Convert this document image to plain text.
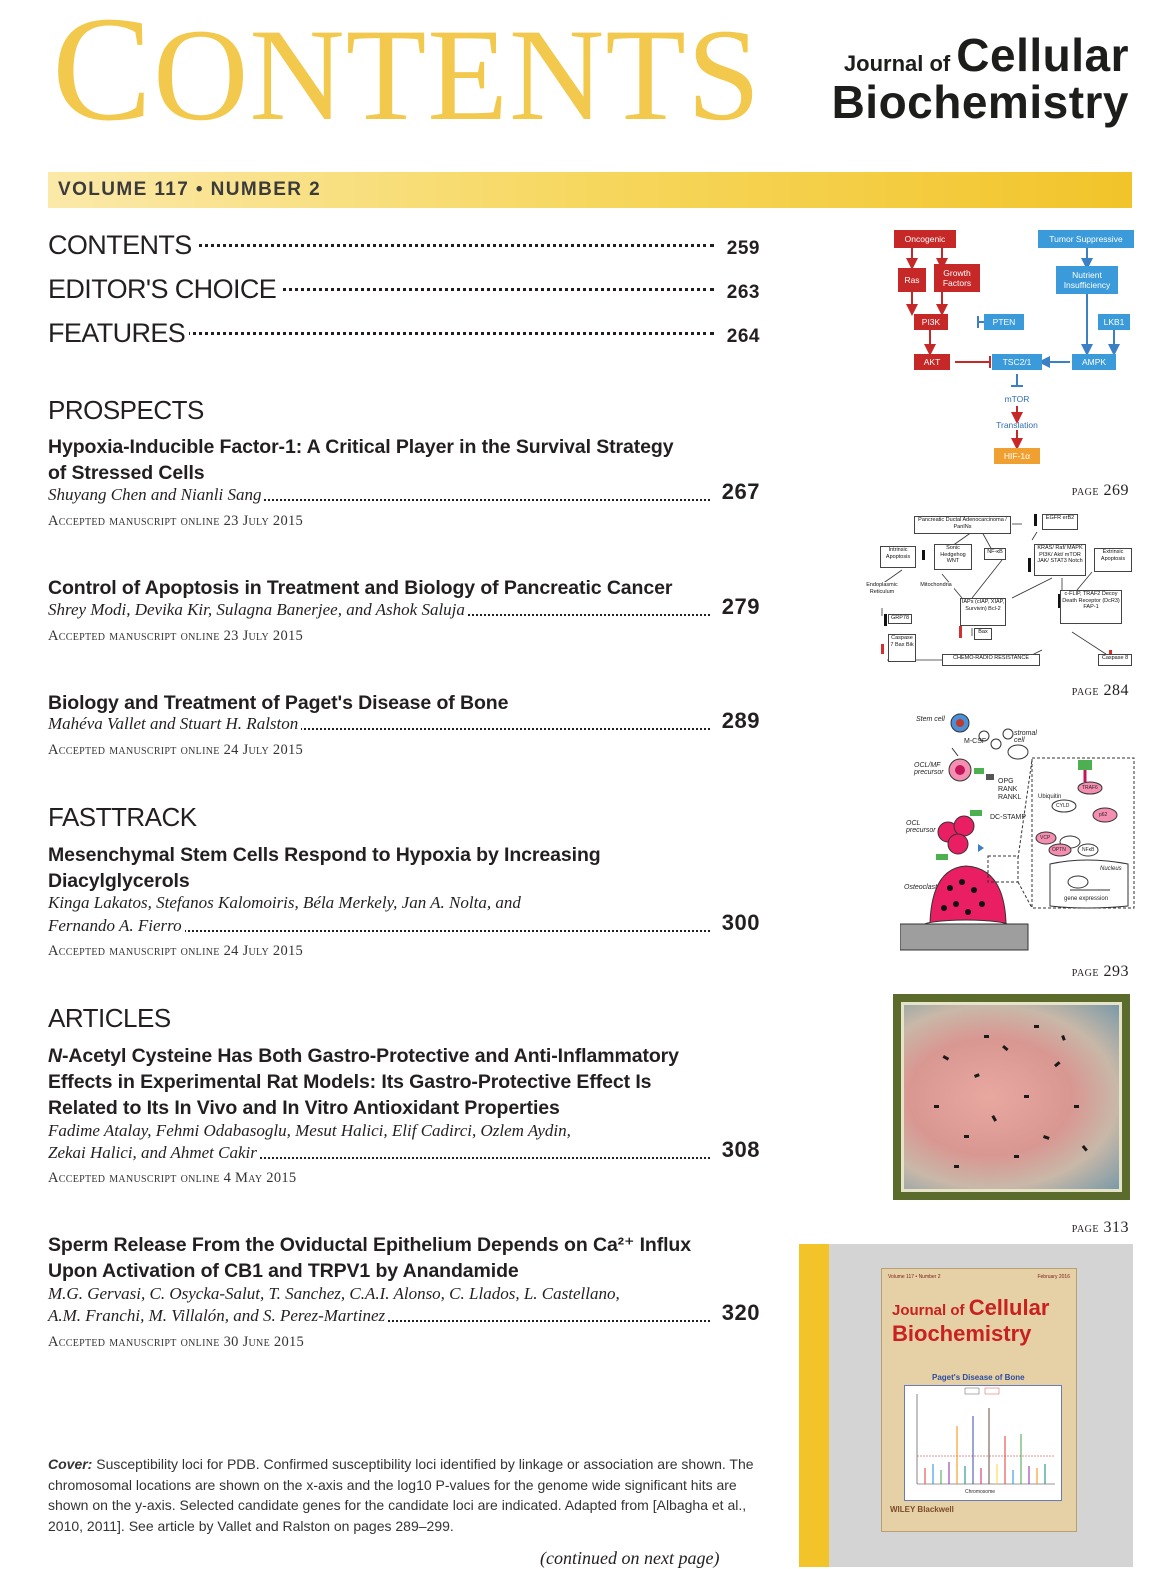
CONTENTS	Journal of Cellular
Biochemistry
VOLUME 117 • NUMBER 2
CONTENTS	259
EDITOR'S CHOICE	263
FEATURES	264
PROSPECTS
Hypoxia-Inducible Factor-1: A Critical Player in the Survival Strategy
of Stressed Cells
Shuyang Chen and Nianli Sang	267
Accepted manuscript online 23 July 2015
Control of Apoptosis in Treatment and Biology of Pancreatic Cancer
Shrey Modi, Devika Kir, Sulagna Banerjee, and Ashok Saluja	279
Accepted manuscript online 23 July 2015
Biology and Treatment of Paget's Disease of Bone
Mahéva Vallet and Stuart H. Ralston	289
Accepted manuscript online 24 July 2015
FASTTRACK
Mesenchymal Stem Cells Respond to Hypoxia by Increasing
Diacylglycerols
Kinga Lakatos, Stefanos Kalomoiris, Béla Merkely, Jan A. Nolta, and
Fernando A. Fierro	300
Accepted manuscript online 24 July 2015
ARTICLES
N-Acetyl Cysteine Has Both Gastro-Protective and Anti-Inflammatory
Effects in Experimental Rat Models: Its Gastro-Protective Effect Is
Related to Its In Vivo and In Vitro Antioxidant Properties
Fadime Atalay, Fehmi Odabasoglu, Mesut Halici, Elif Cadirci, Ozlem Aydin,
Zekai Halici, and Ahmet Cakir	308
Accepted manuscript online 4 May 2015
Sperm Release From the Oviductal Epithelium Depends on Ca²⁺ Influx
Upon Activation of CB1 and TRPV1 by Anandamide
M.G. Gervasi, C. Osycka-Salut, T. Sanchez, C.A.I. Alonso, C. Llados, L. Castellano,
A.M. Franchi, M. Villalón, and S. Perez-Martinez	320
Accepted manuscript online 30 June 2015
Cover: Susceptibility loci for PDB. Confirmed susceptibility loci identified by linkage or association are shown. The chromosomal locations are shown on the x-axis and the log10 P-values for the genome wide significant hits are shown on the y-axis. Selected candidate genes for the candidate loci are indicated. Adapted from [Albagha et al., 2010, 2011]. See article by Vallet and Ralston on pages 289–299.
(continued on next page)
Oncogenic	Tumor Suppressive
Ras
Growth Factors
Nutrient Insufficiency
PI3K	PTEN	LKB1
AKT	TSC2/1	AMPK
mTOR
Translation
HIF-1α
page 269
Pancreatic Ductal Adenocarcinoma / PanINs
EGFR erB2
Intrinsic Apoptosis
Sonic Hedgehog WNT
NF-κB
KRAS/ Raf/ MAPK PI3K/ Akt/ mTOR JAK/ STAT3 Notch
Extrinsic Apoptosis
Endoplasmic Reticulum
Mitochondria
IAPs (cIAP, XIAP, Survivin) Bcl-2
c-FLIP, TRAF2 Decoy Death Receptor (DcR3) FAP-1
GRP78
Caspase 7 Bax Bik
Bax
CHEMO-RADIO RESISTANCE	Caspase 8
page 284
Stem cell
M-CSF
stromal cell
OCL/MF precursor
OPG
RANK
RANKL
OCL precursor
DC-STAMP
Osteoclast
Ubiquitin
TRAF6
CYLD
p62
VCP
OPTN	NFκB
Nucleus
gene expression
page 293
page 313
Volume 117 • Number 2	February 2016
Journal of Cellular
Biochemistry
Paget's Disease of Bone
Chromosome
WILEY Blackwell
